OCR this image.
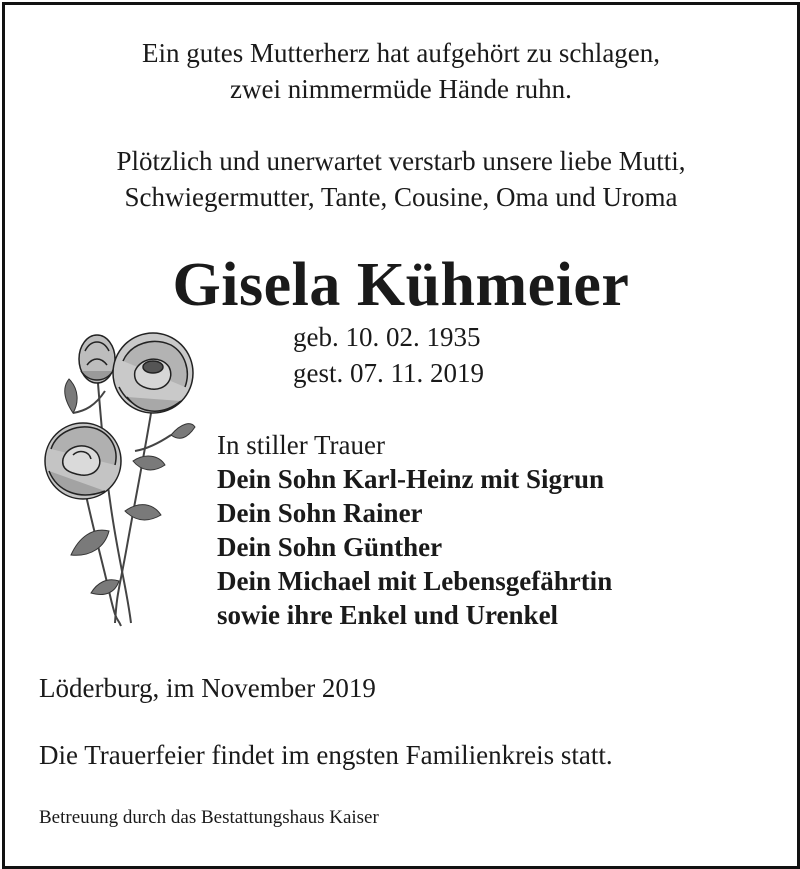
Ein gutes Mutterherz hat aufgehört zu schlagen,
zwei nimmermüde Hände ruhn.
Plötzlich und unerwartet verstarb unsere liebe Mutti,
Schwiegermutter, Tante, Cousine, Oma und Uroma
Gisela Kühmeier
geb. 10. 02. 1935
gest. 07. 11. 2019
In stiller Trauer
Dein Sohn Karl-Heinz mit Sigrun
Dein Sohn Rainer
Dein Sohn Günther
Dein Michael mit Lebensgefährtin
sowie ihre Enkel und Urenkel
Löderburg, im November 2019
Die Trauerfeier findet im engsten Familienkreis statt.
Betreuung durch das Bestattungshaus Kaiser
